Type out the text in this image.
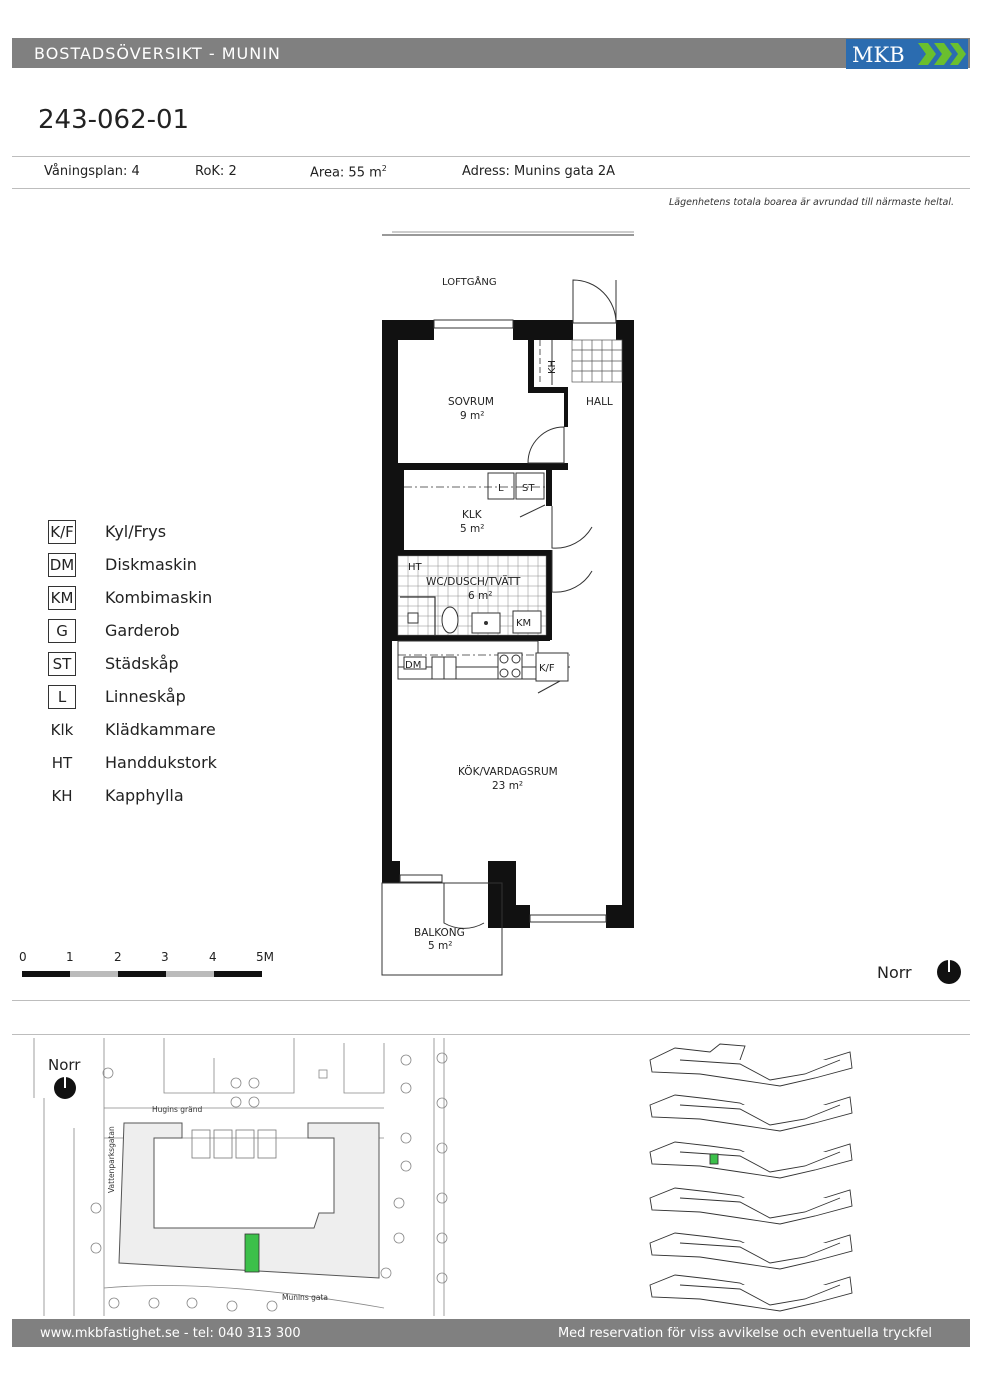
BOSTADSÖVERSIKT - MUNIN	MKB
243-062-01
Våningsplan: 4	RoK: 2	Area: 55 $m^2$	Adress: Munins gata 2A
Lägenhetens totala boarea är avrundad till närmaste heltal.
LOFTGÅNG
KH
SOVRUM
9 m²
HALL
L ST
KLK
5 m²
HT
KM
WC/DUSCH/TVÄTT
6 m²
DM	K/F
KÖK/VARDAGSRUM
23 m²
BALKONG
5 m²
K/F Kyl/Frys
DM Diskmaskin
KM Kombimaskin
G	Garderob
ST Städskåp
L	Linneskåp
Klk Klädkammare
HT Handdukstork
KH Kapphylla
0	1	2	3	4	5M
Norr
Hugins gränd
Vattenparksgatan
Munins gata
Norr
www.mkbfastighet.se - tel: 040 313 300	Med reservation för viss avvikelse och eventuella tryckfel
